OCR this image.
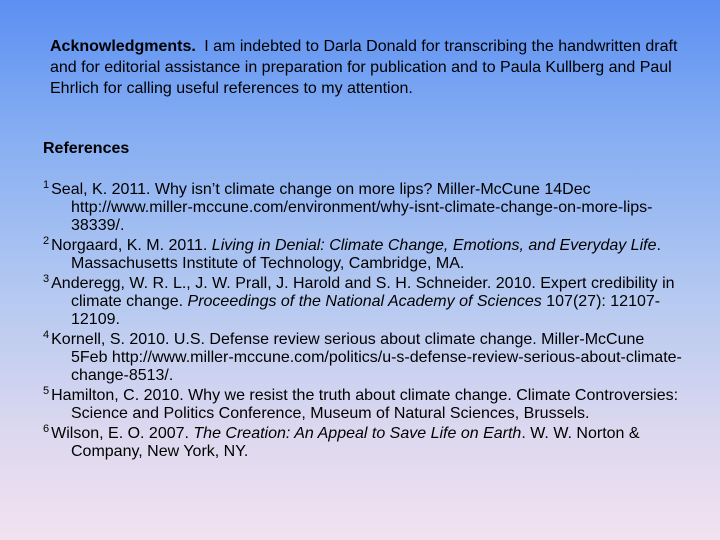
Acknowledgments. I am indebted to Darla Donald for transcribing the handwritten draft and for editorial assistance in preparation for publication and to Paula Kullberg and Paul Ehrlich for calling useful references to my attention.
References
$^1$ Seal, K. 2011. Why isn’t climate change on more lips? Miller-McCune 14Dec http://www.miller-mccune.com/environment/why-isnt-climate-change-on-more-lips-38339/.
$^2$ Norgaard, K. M. 2011. Living in Denial: Climate Change, Emotions, and Everyday Life. Massachusetts Institute of Technology, Cambridge, MA.
$^3$ Anderegg, W. R. L., J. W. Prall, J. Harold and S. H. Schneider. 2010. Expert credibility in climate change. Proceedings of the National Academy of Sciences 107(27): 12107-12109.
$^4$ Kornell, S. 2010. U.S. Defense review serious about climate change. Miller-McCune 5Feb http://www.miller-mccune.com/politics/u-s-defense-review-serious-about-climate-change-8513/.
$^5$ Hamilton, C. 2010. Why we resist the truth about climate change. Climate Controversies: Science and Politics Conference, Museum of Natural Sciences, Brussels.
$^6$ Wilson, E. O. 2007. The Creation: An Appeal to Save Life on Earth. W. W. Norton & Company, New York, NY.
